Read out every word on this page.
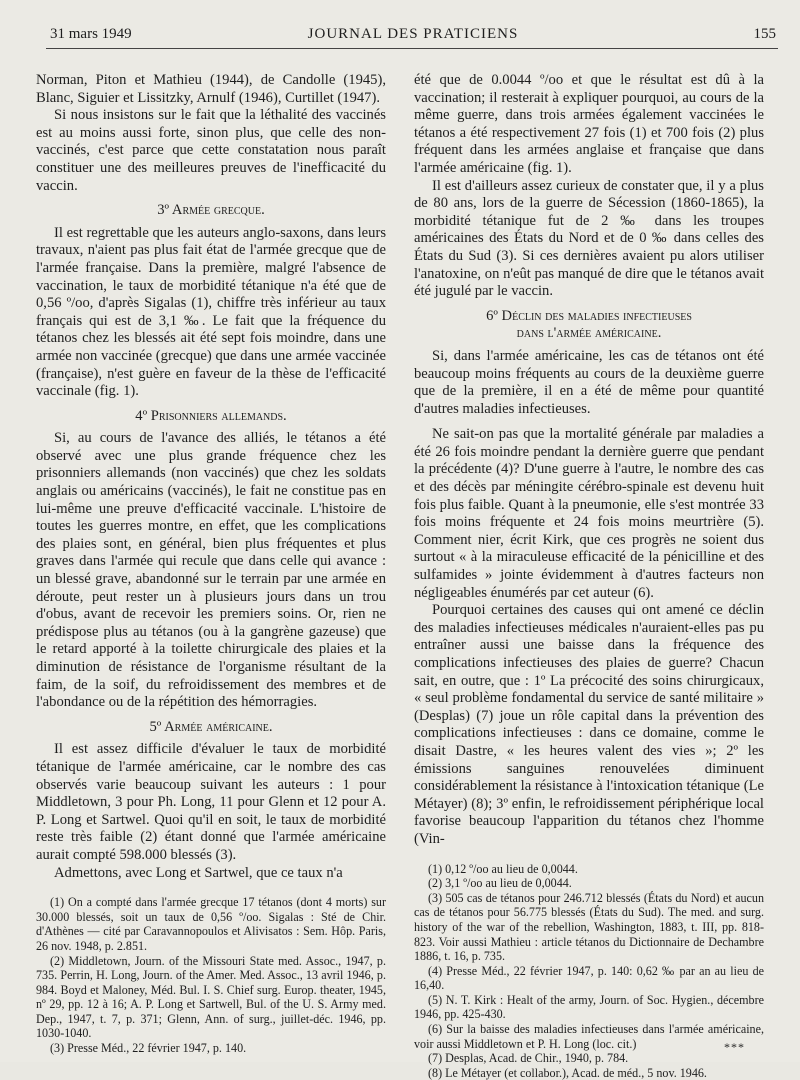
31 mars 1949	JOURNAL DES PRATICIENS	155

Norman, Piton et Mathieu (1944), de Candolle (1945), Blanc, Siguier et Lissitzky, Arnulf (1946), Curtillet (1947).

Si nous insistons sur le fait que la léthalité des vaccinés est au moins aussi forte, sinon plus, que celle des non-vaccinés, c'est parce que cette constatation nous paraît constituer une des meilleures preuves de l'inefficacité du vaccin.

3º Armée grecque.

Il est regrettable que les auteurs anglo-saxons, dans leurs travaux, n'aient pas plus fait état de l'armée grecque que de l'armée française. Dans la première, malgré l'absence de vaccination, le taux de morbidité tétanique n'a été que de 0,56 º/oo, d'après Sigalas (1), chiffre très inférieur au taux français qui est de 3,1 ‰. Le fait que la fréquence du tétanos chez les blessés ait été sept fois moindre, dans une armée non vaccinée (grecque) que dans une armée vaccinée (française), n'est guère en faveur de la thèse de l'efficacité vaccinale (fig. 1).

4º Prisonniers allemands.

Si, au cours de l'avance des alliés, le tétanos a été observé avec une plus grande fréquence chez les prisonniers allemands (non vaccinés) que chez les soldats anglais ou américains (vaccinés), le fait ne constitue pas en lui-même une preuve d'efficacité vaccinale. L'histoire de toutes les guerres montre, en effet, que les complications des plaies sont, en général, bien plus fréquentes et plus graves dans l'armée qui recule que dans celle qui avance : un blessé grave, abandonné sur le terrain par une armée en déroute, peut rester un à plusieurs jours dans un trou d'obus, avant de recevoir les premiers soins. Or, rien ne prédispose plus au tétanos (ou à la gangrène gazeuse) que le retard apporté à la toilette chirurgicale des plaies et la diminution de résistance de l'organisme résultant de la faim, de la soif, du refroidissement des membres et de l'abondance ou de la répétition des hémorragies.

5º Armée américaine.

Il est assez difficile d'évaluer le taux de morbidité tétanique de l'armée américaine, car le nombre des cas observés varie beaucoup suivant les auteurs : 1 pour Middletown, 3 pour Ph. Long, 11 pour Glenn et 12 pour A. P. Long et Sartwel. Quoi qu'il en soit, le taux de morbidité reste très faible (2) étant donné que l'armée américaine aurait compté 598.000 blessés (3).

Admettons, avec Long et Sartwel, que ce taux n'a

(1) On a compté dans l'armée grecque 17 tétanos (dont 4 morts) sur 30.000 blessés, soit un taux de 0,56 º/oo. Sigalas : Sté de Chir. d'Athènes — cité par Caravannopoulos et Alivisatos : Sem. Hôp. Paris, 26 nov. 1948, p. 2.851.

(2) Middletown, Journ. of the Missouri State med. Assoc., 1947, p. 735. Perrin, H. Long, Journ. of the Amer. Med. Assoc., 13 avril 1946, p. 984. Boyd et Maloney, Méd. Bul. I. S. Chief surg. Europ. theater, 1945, nº 29, pp. 12 à 16; A. P. Long et Sartwell, Bul. of the U. S. Army med. Dep., 1947, t. 7, p. 371; Glenn, Ann. of surg., juillet-déc. 1946, pp. 1030-1040.

(3) Presse Méd., 22 février 1947, p. 140.

été que de 0.0044 º/oo et que le résultat est dû à la vaccination; il resterait à expliquer pourquoi, au cours de la même guerre, dans trois armées également vaccinées le tétanos a été respectivement 27 fois (1) et 700 fois (2) plus fréquent dans les armées anglaise et française que dans l'armée américaine (fig. 1).

Il est d'ailleurs assez curieux de constater que, il y a plus de 80 ans, lors de la guerre de Sécession (1860-1865), la morbidité tétanique fut de 2 ‰ dans les troupes américaines des États du Nord et de 0 ‰ dans celles des États du Sud (3). Si ces dernières avaient pu alors utiliser l'anatoxine, on n'eût pas manqué de dire que le tétanos avait été jugulé par le vaccin.

6º Déclin des maladies infectieuses
dans l'armée américaine.

Si, dans l'armée américaine, les cas de tétanos ont été beaucoup moins fréquents au cours de la deuxième guerre que de la première, il en a été de même pour quantité d'autres maladies infectieuses.

Ne sait-on pas que la mortalité générale par maladies a été 26 fois moindre pendant la dernière guerre que pendant la précédente (4)? D'une guerre à l'autre, le nombre des cas et des décès par méningite cérébro-spinale est devenu huit fois plus faible. Quant à la pneumonie, elle s'est montrée 33 fois moins fréquente et 24 fois moins meurtrière (5). Comment nier, écrit Kirk, que ces progrès ne soient dus surtout « à la miraculeuse efficacité de la pénicilline et des sulfamides » jointe évidemment à d'autres facteurs non négligeables énumérés par cet auteur (6).

Pourquoi certaines des causes qui ont amené ce déclin des maladies infectieuses médicales n'auraient-elles pas pu entraîner aussi une baisse dans la fréquence des complications infectieuses des plaies de guerre? Chacun sait, en outre, que : 1º La précocité des soins chirurgicaux, « seul problème fondamental du service de santé militaire » (Desplas) (7) joue un rôle capital dans la prévention des complications infectieuses : dans ce domaine, comme le disait Dastre, « les heures valent des vies »; 2º les émissions sanguines renouvelées diminuent considérablement la résistance à l'intoxication tétanique (Le Métayer) (8); 3º enfin, le refroidissement périphérique local favorise beaucoup l'apparition du tétanos chez l'homme (Vin-

(1) 0,12 º/oo au lieu de 0,0044.

(2) 3,1 º/oo au lieu de 0,0044.

(3) 505 cas de tétanos pour 246.712 blessés (États du Nord) et aucun cas de tétanos pour 56.775 blessés (États du Sud). The med. and surg. history of the war of the rebellion, Washington, 1883, t. III, pp. 818-823. Voir aussi Mathieu : article tétanos du Dictionnaire de Dechambre 1886, t. 16, p. 735.

(4) Presse Méd., 22 février 1947, p. 140: 0,62 ‰ par an au lieu de 16,40.

(5) N. T. Kirk : Healt of the army, Journ. of Soc. Hygien., décembre 1946, pp. 425-430.

(6) Sur la baisse des maladies infectieuses dans l'armée américaine, voir aussi Middletown et P. H. Long (loc. cit.)

(7) Desplas, Acad. de Chir., 1940, p. 784.

(8) Le Métayer (et collabor.), Acad. de méd., 5 nov. 1946.

***
